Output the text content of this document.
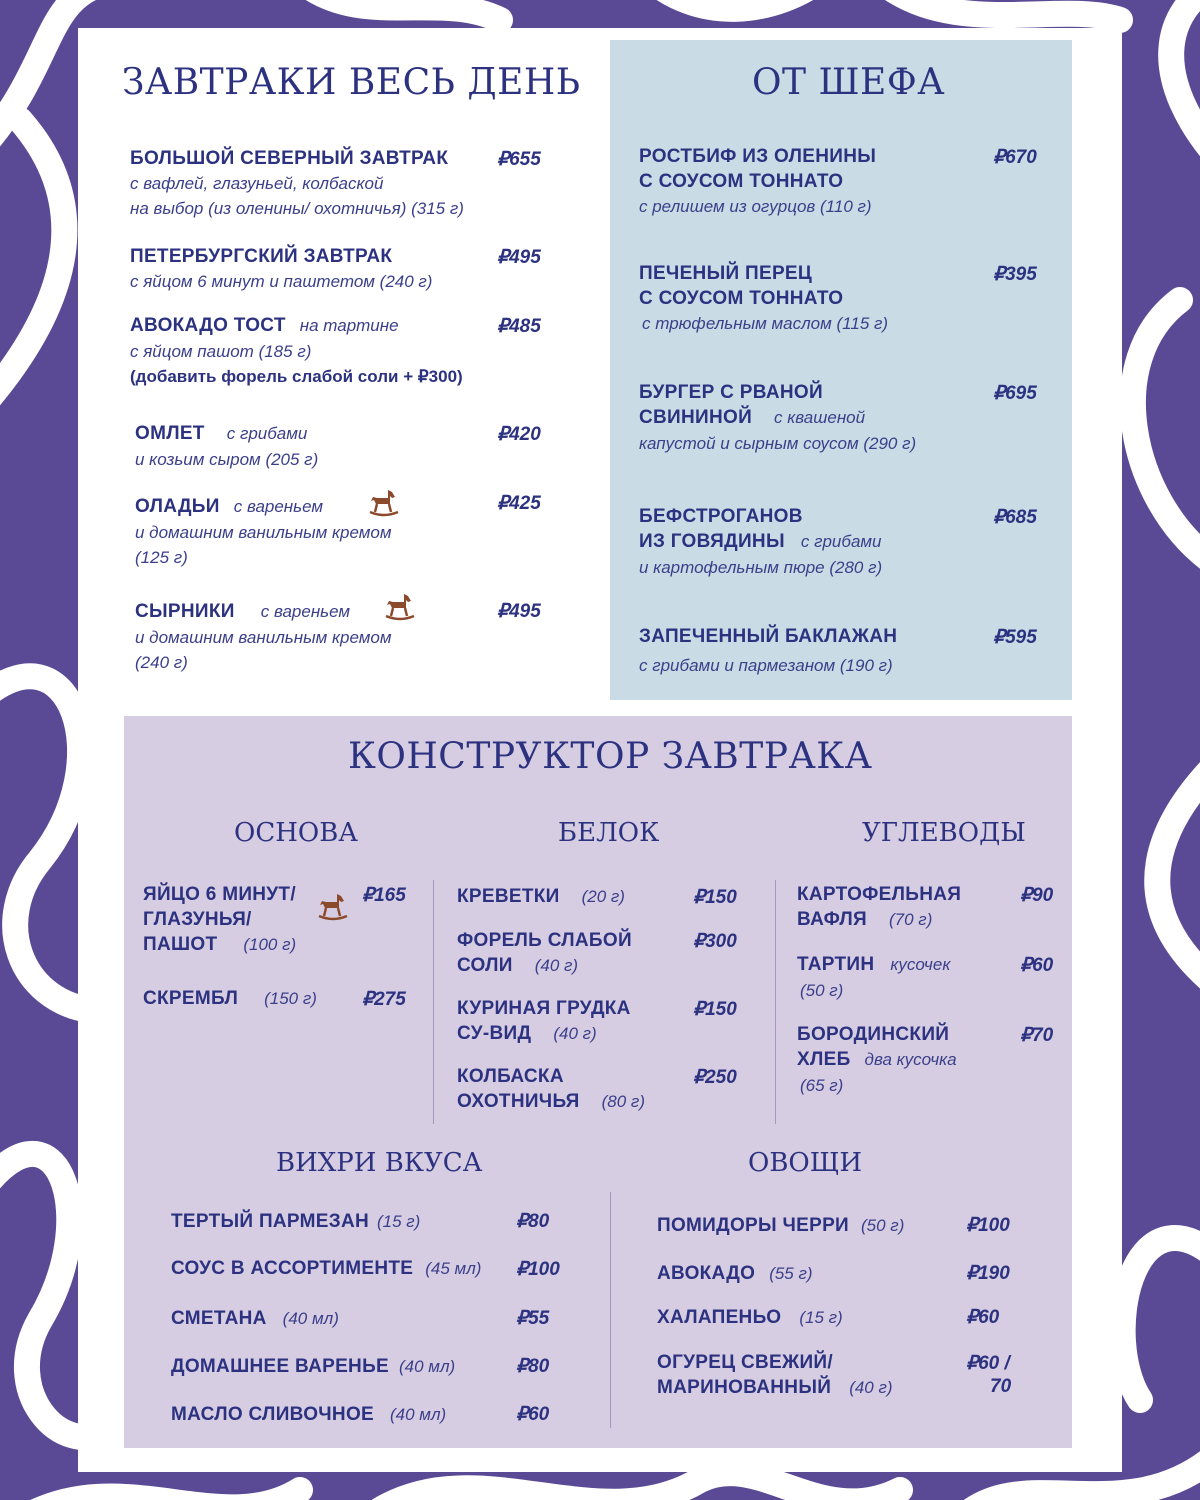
ЗАВТРАКИ ВЕСЬ ДЕНЬ
БОЛЬШОЙ СЕВЕРНЫЙ ЗАВТРАК
с вафлей, глазуньей, колбаской
на выбор (из оленины/ охотничья) (315 г)
₽655
ПЕТЕРБУРГСКИЙ ЗАВТРАК
с яйцом 6 минут и паштетом (240 г)
₽495
АВОКАДО ТОСТ на тартине
с яйцом пашот (185 г)
(добавить форель слабой соли + ₽300)
₽485
ОМЛЕТ с грибами
и козьим сыром (205 г)
₽420
ОЛАДЬИ с вареньем
и домашним ванильным кремом
(125 г)
₽425
СЫРНИКИ с вареньем
и домашним ванильным кремом
(240 г)
₽495
ОТ ШЕФА
РОСТБИФ ИЗ ОЛЕНИНЫ
С СОУСОМ ТОННАТО
с релишем из огурцов (110 г)
₽670
ПЕЧЕНЫЙ ПЕРЕЦ
С СОУСОМ ТОННАТО
с трюфельным маслом (115 г)
₽395
БУРГЕР С РВАНОЙ
СВИНИНОЙ с квашеной
капустой и сырным соусом (290 г)
₽695
БЕФСТРОГАНОВ
ИЗ ГОВЯДИНЫ с грибами
и картофельным пюре (280 г)
₽685
ЗАПЕЧЕННЫЙ БАКЛАЖАН
с грибами и пармезаном (190 г)
₽595
КОНСТРУКТОР ЗАВТРАКА
ОСНОВА	БЕЛОК	УГЛЕВОДЫ
ЯЙЦО 6 МИНУТ/
ГЛАЗУНЬЯ/
ПАШОТ (100 г)
₽165
СКРЕМБЛ (150 г) ₽275
КРЕВЕТКИ (20 г)	₽150
ФОРЕЛЬ СЛАБОЙ
СОЛИ (40 г)
₽300
КУРИНАЯ ГРУДКА
СУ-ВИД (40 г)
₽150
КОЛБАСКА
ОХОТНИЧЬЯ (80 г)
₽250
КАРТОФЕЛЬНАЯ
ВАФЛЯ (70 г)
₽90
ТАРТИН кусочек
(50 г)
₽60
БОРОДИНСКИЙ
ХЛЕБ два кусочка
(65 г)
₽70
ВИХРИ ВКУСА	ОВОЩИ
ТЕРТЫЙ ПАРМЕЗАН (15 г)	₽80
СОУС В АССОРТИМЕНТЕ (45 мл) ₽100
СМЕТАНА (40 мл)	₽55
ДОМАШНЕЕ ВАРЕНЬЕ (40 мл)	₽80
МАСЛО СЛИВОЧНОЕ (40 мл)	₽60
ПОМИДОРЫ ЧЕРРИ (50 г)	₽100
АВОКАДО (55 г)	₽190
ХАЛАПЕНЬО (15 г)	₽60
ОГУРЕЦ СВЕЖИЙ/
МАРИНОВАННЫЙ (40 г)
₽60 /
70
